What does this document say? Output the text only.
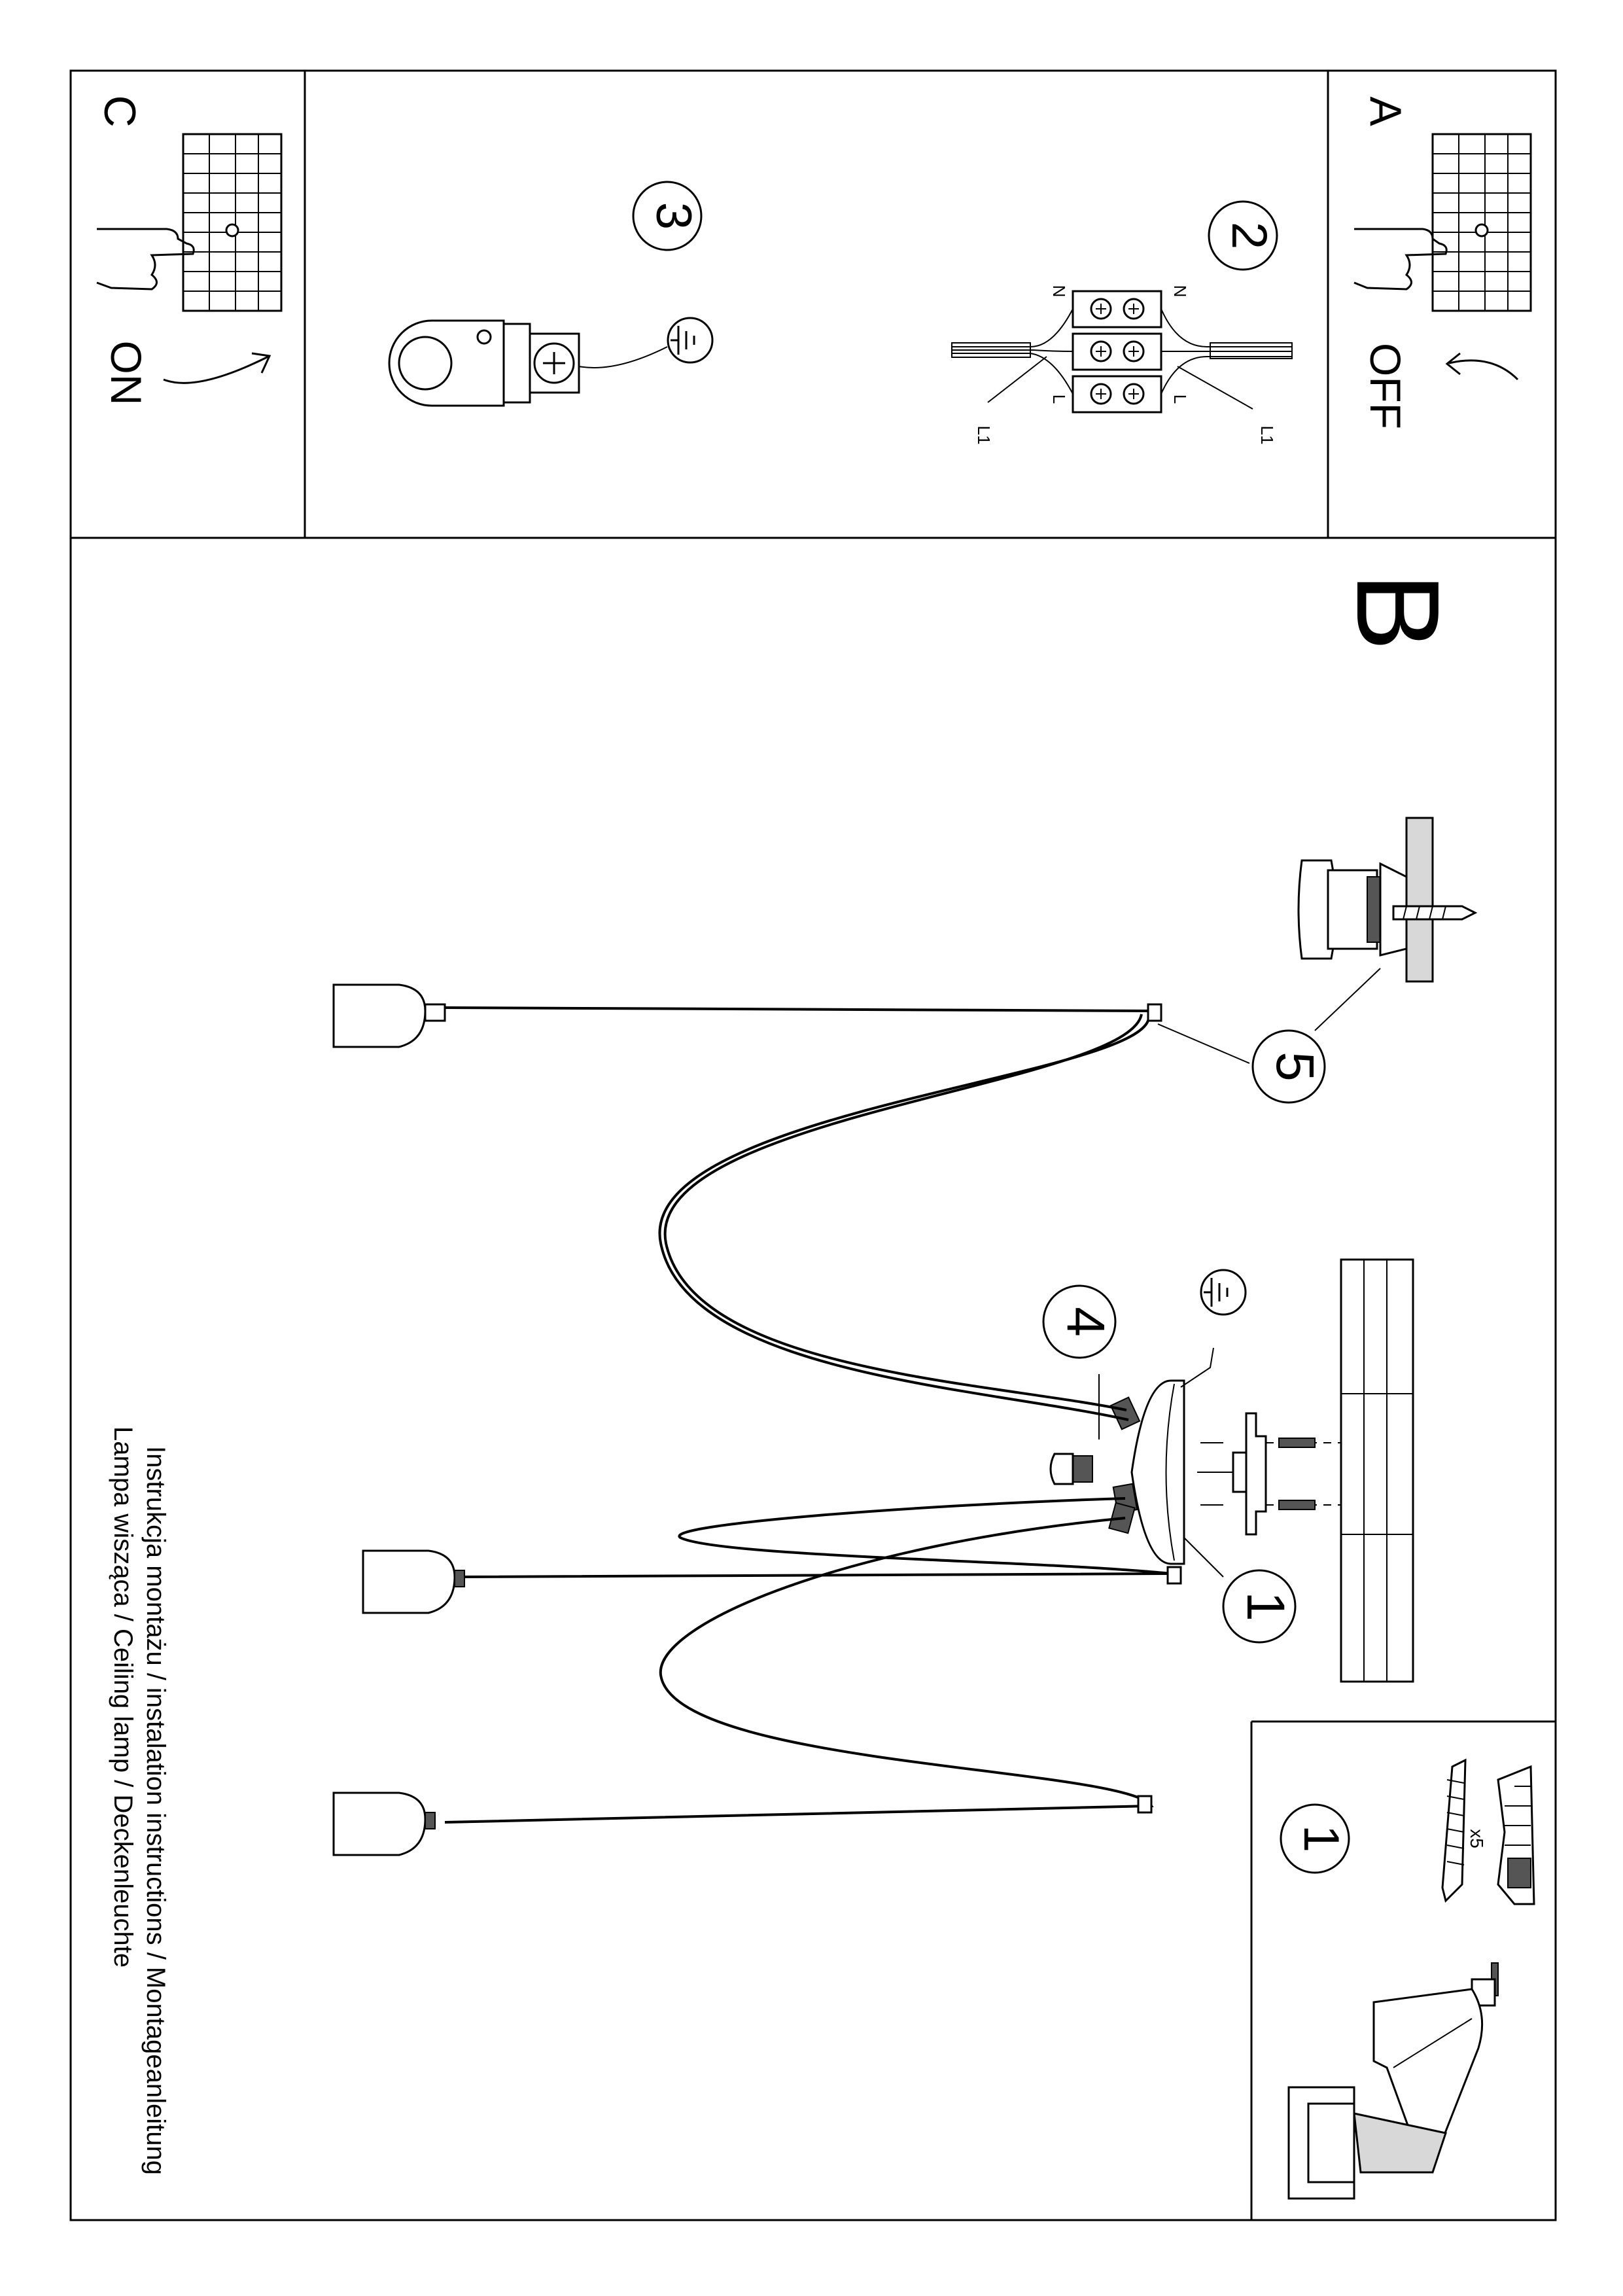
A
OFF
C
ON
2
N	N
L	L
L1	L1
3
B
5
1
4
1	x5
Instrukcja montażu / instalation instructions / Montageanleitung
Lampa wisząca / Ceiling lamp / Deckenleuchte
